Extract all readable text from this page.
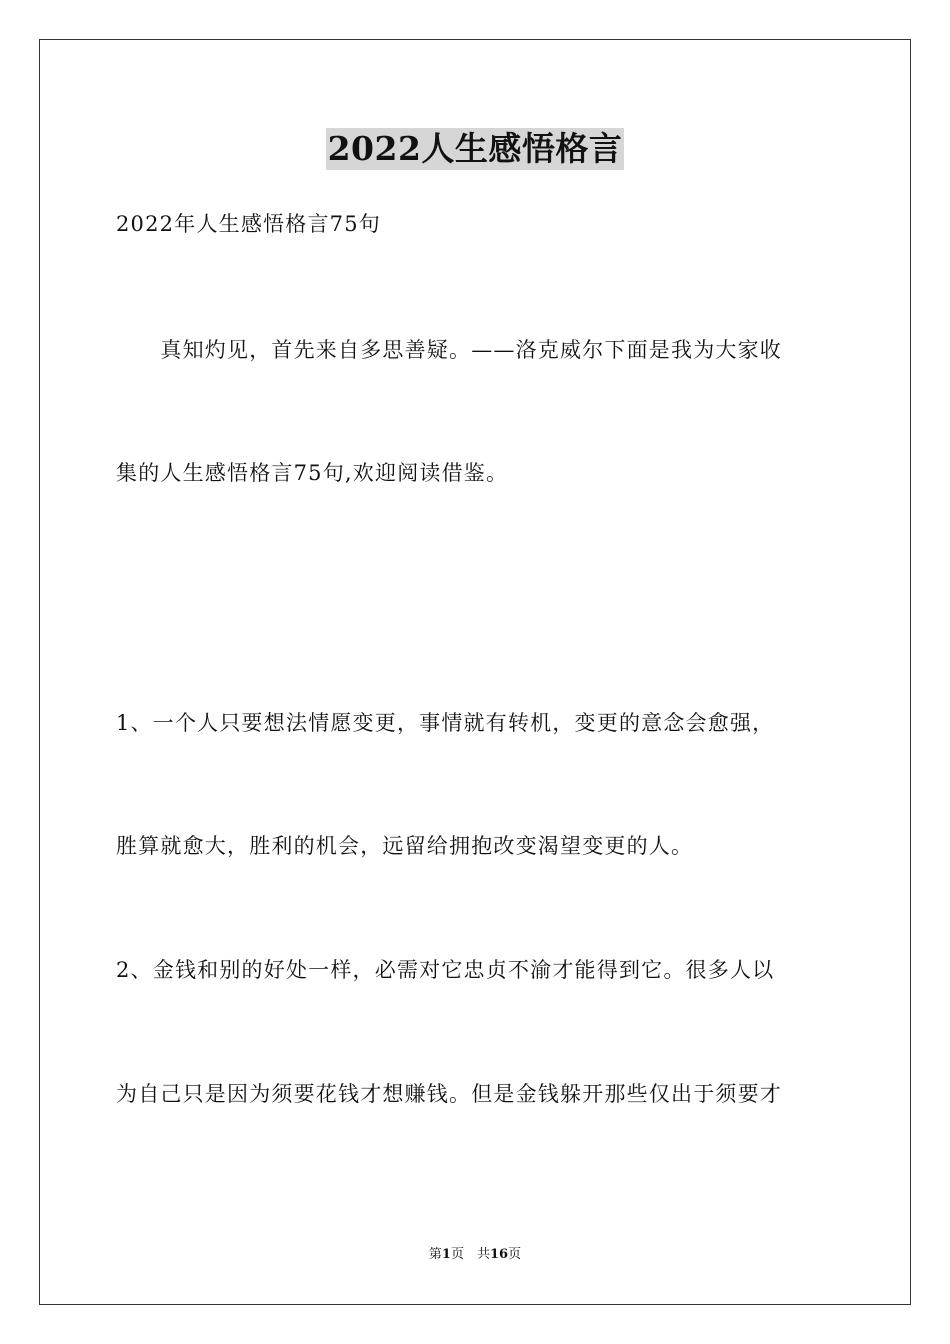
2022人生感悟格言
2022年人生感悟格言75句
　　真知灼见，首先来自多思善疑。——洛克威尔下面是我为大家收
集的人生感悟格言75句,欢迎阅读借鉴。
1、一个人只要想法情愿变更，事情就有转机，变更的意念会愈强，
胜算就愈大，胜利的机会，远留给拥抱改变渴望变更的人。
2、金钱和别的好处一样，必需对它忠贞不渝才能得到它。很多人以
为自己只是因为须要花钱才想赚钱。但是金钱躲开那些仅出于须要才
第1页　共16页
